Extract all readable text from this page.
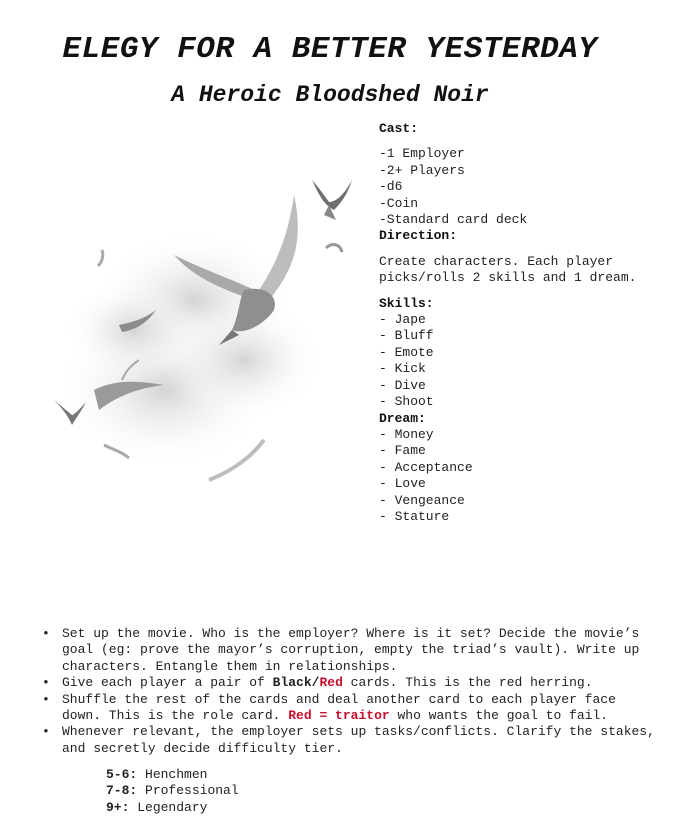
ELEGY FOR A BETTER YESTERDAY
A Heroic Bloodshed Noir
Cast:
-1 Employer
-2+ Players
-d6
-Coin
-Standard card deck
Direction:
Create characters. Each player picks/rolls 2 skills and 1 dream.
Skills:
- Jape
- Bluff
- Emote
- Kick
- Dive
- Shoot
Dream:
- Money
- Fame
- Acceptance
- Love
- Vengeance
- Stature
• Set up the movie. Who is the employer? Where is it set? Decide the movie’s goal (eg: prove the mayor’s corruption, empty the triad’s vault). Write up characters. Entangle them in relationships.
• Give each player a pair of Black/Red cards. This is the red herring.
• Shuffle the rest of the cards and deal another card to each player face down. This is the role card. Red = traitor who wants the goal to fail.
• Whenever relevant, the employer sets up tasks/conflicts. Clarify the stakes, and secretly decide difficulty tier.
5-6: Henchmen
7-8: Professional
9+: Legendary
